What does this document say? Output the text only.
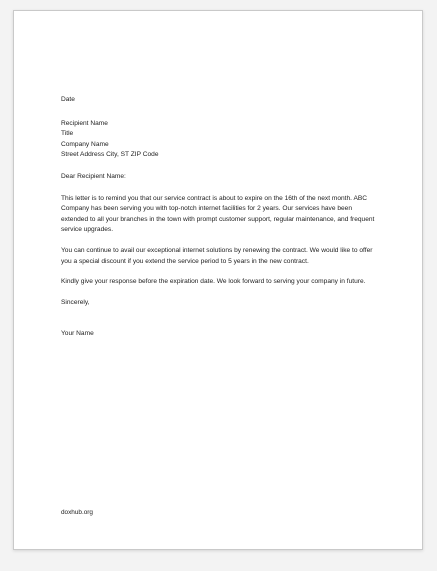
Date

Recipient Name

Title

Company Name

Street Address City, ST ZIP Code

Dear Recipient Name:

This letter is to remind you that our service contract is about to expire on the 16th of the next month. ABC Company has been serving you with top-notch internet facilities for 2 years. Our services have been extended to all your branches in the town with prompt customer support, regular maintenance, and frequent service upgrades.

You can continue to avail our exceptional internet solutions by renewing the contract. We would like to offer you a special discount if you extend the service period to 5 years in the new contract.

Kindly give your response before the expiration date. We look forward to serving your company in future.

Sincerely,

Your Name

doxhub.org
